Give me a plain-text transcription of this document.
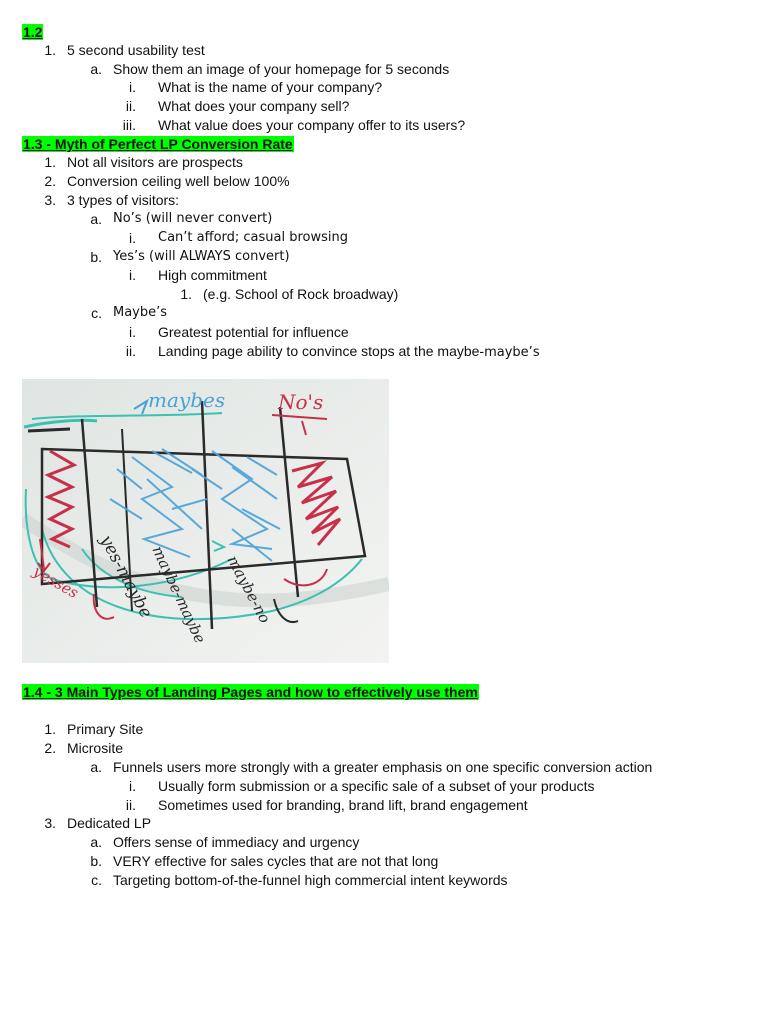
1.2
1. 5 second usability test
a. Show them an image of your homepage for 5 seconds
i. What is the name of your company?
ii. What does your company sell?
iii. What value does your company offer to its users?
1.3 - Myth of Perfect LP Conversion Rate
1. Not all visitors are prospects
2. Conversion ceiling well below 100%
3. 3 types of visitors:
a. No’s (will never convert)
i. Can’t afford; casual browsing
b. Yes’s (will ALWAYS convert)
i. High commitment
1. (e.g. School of Rock broadway)
c. Maybe’s
i. Greatest potential for influence
ii. Landing page ability to convince stops at the maybe-maybe’s
maybes	No's
yes-maybe
maybe-maybe maybe-no
yesses
1.4 - 3 Main Types of Landing Pages and how to effectively use them
1. Primary Site
2. Microsite
a. Funnels users more strongly with a greater emphasis on one specific conversion action
i. Usually form submission or a specific sale of a subset of your products
ii. Sometimes used for branding, brand lift, brand engagement
3. Dedicated LP
a. Offers sense of immediacy and urgency
b. VERY effective for sales cycles that are not that long
c. Targeting bottom-of-the-funnel high commercial intent keywords
